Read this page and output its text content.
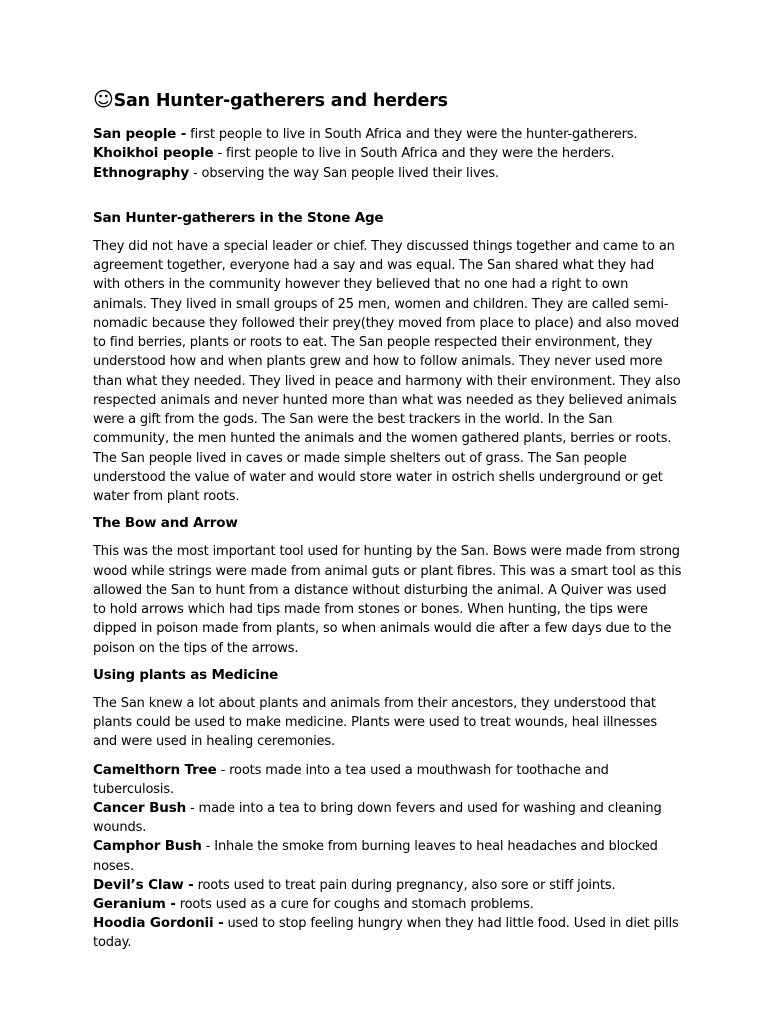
☺San Hunter-gatherers and herders
San people - first people to live in South Africa and they were the hunter-gatherers.
Khoikhoi people - first people to live in South Africa and they were the herders.
Ethnography - observing the way San people lived their lives.
San Hunter-gatherers in the Stone Age

They did not have a special leader or chief. They discussed things together and came to an agreement together, everyone had a say and was equal. The San shared what they had with others in the community however they believed that no one had a right to own animals. They lived in small groups of 25 men, women and children. They are called semi-nomadic because they followed their prey(they moved from place to place) and also moved to find berries, plants or roots to eat. The San people respected their environment, they understood how and when plants grew and how to follow animals. They never used more than what they needed. They lived in peace and harmony with their environment. They also respected animals and never hunted more than what was needed as they believed animals were a gift from the gods. The San were the best trackers in the world. In the San community, the men hunted the animals and the women gathered plants, berries or roots. The San people lived in caves or made simple shelters out of grass. The San people understood the value of water and would store water in ostrich shells underground or get water from plant roots.

The Bow and Arrow

This was the most important tool used for hunting by the San. Bows were made from strong wood while strings were made from animal guts or plant fibres. This was a smart tool as this allowed the San to hunt from a distance without disturbing the animal. A Quiver was used to hold arrows which had tips made from stones or bones. When hunting, the tips were dipped in poison made from plants, so when animals would die after a few days due to the poison on the tips of the arrows.

Using plants as Medicine

The San knew a lot about plants and animals from their ancestors, they understood that plants could be used to make medicine. Plants were used to treat wounds, heal illnesses and were used in healing ceremonies.

Camelthorn Tree - roots made into a tea used a mouthwash for toothache and tuberculosis.
Cancer Bush - made into a tea to bring down fevers and used for washing and cleaning wounds.
Camphor Bush - Inhale the smoke from burning leaves to heal headaches and blocked noses.
Devil’s Claw - roots used to treat pain during pregnancy, also sore or stiff joints.
Geranium - roots used as a cure for coughs and stomach problems.
Hoodia Gordonii - used to stop feeling hungry when they had little food. Used in diet pills today.
